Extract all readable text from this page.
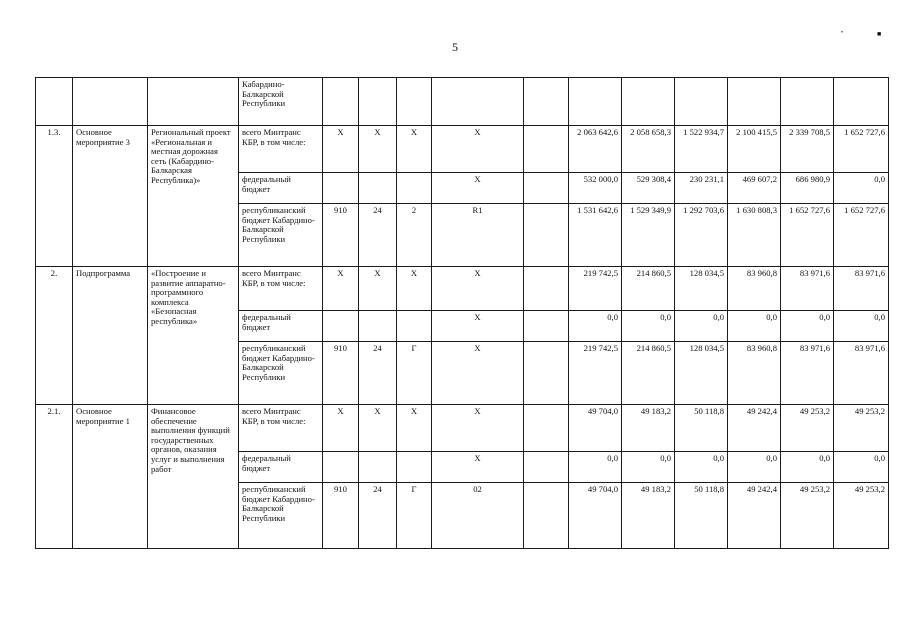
5
''	■
			Кабардино-Балкарской Республики											
1.3.	Основное мероприятие 3	Региональный проект «Региональная и местная дорожная сеть (Кабардино-Балкарская Республика)»	всего Минтранс КБР, в том числе:	Х	Х	Х	Х		2 063 642,6	2 058 658,3	1 522 934,7	2 100 415,5	2 339 708,5	1 652 727,6
			федеральный бюджет				Х		532 000,0	529 308,4	230 231,1	469 607,2	686 980,9	0,0
			республиканский бюджет Кабардино-Балкарской Республики	910	24	2	R1		1 531 642,6	1 529 349,9	1 292 703,6	1 630 808,3	1 652 727,6	1 652 727,6
2.	Подпрограмма	«Построение и развитие аппаратно-программного комплекса «Безопасная республика»	всего Минтранс КБР, в том числе:	Х	Х	Х	Х		219 742,5	214 860,5	128 034,5	83 960,8	83 971,6	83 971,6
			федеральный бюджет				Х		0,0	0,0	0,0	0,0	0,0	0,0
			республиканский бюджет Кабардино-Балкарской Республики	910	24	Г	Х		219 742,5	214 860,5	128 034,5	83 960,8	83 971,6	83 971,6
2.1.	Основное мероприятие 1	Финансовое обеспечение выполнения функций государственных органов, оказания услуг и выполнения работ	всего Минтранс КБР, в том числе:	Х	Х	Х	Х		49 704,0	49 183,2	50 118,8	49 242,4	49 253,2	49 253,2
			федеральный бюджет				Х		0,0	0,0	0,0	0,0	0,0	0,0
			республиканский бюджет Кабардино-Балкарской Республики	910	24	Г	02		49 704,0	49 183,2	50 118,8	49 242,4	49 253,2	49 253,2
